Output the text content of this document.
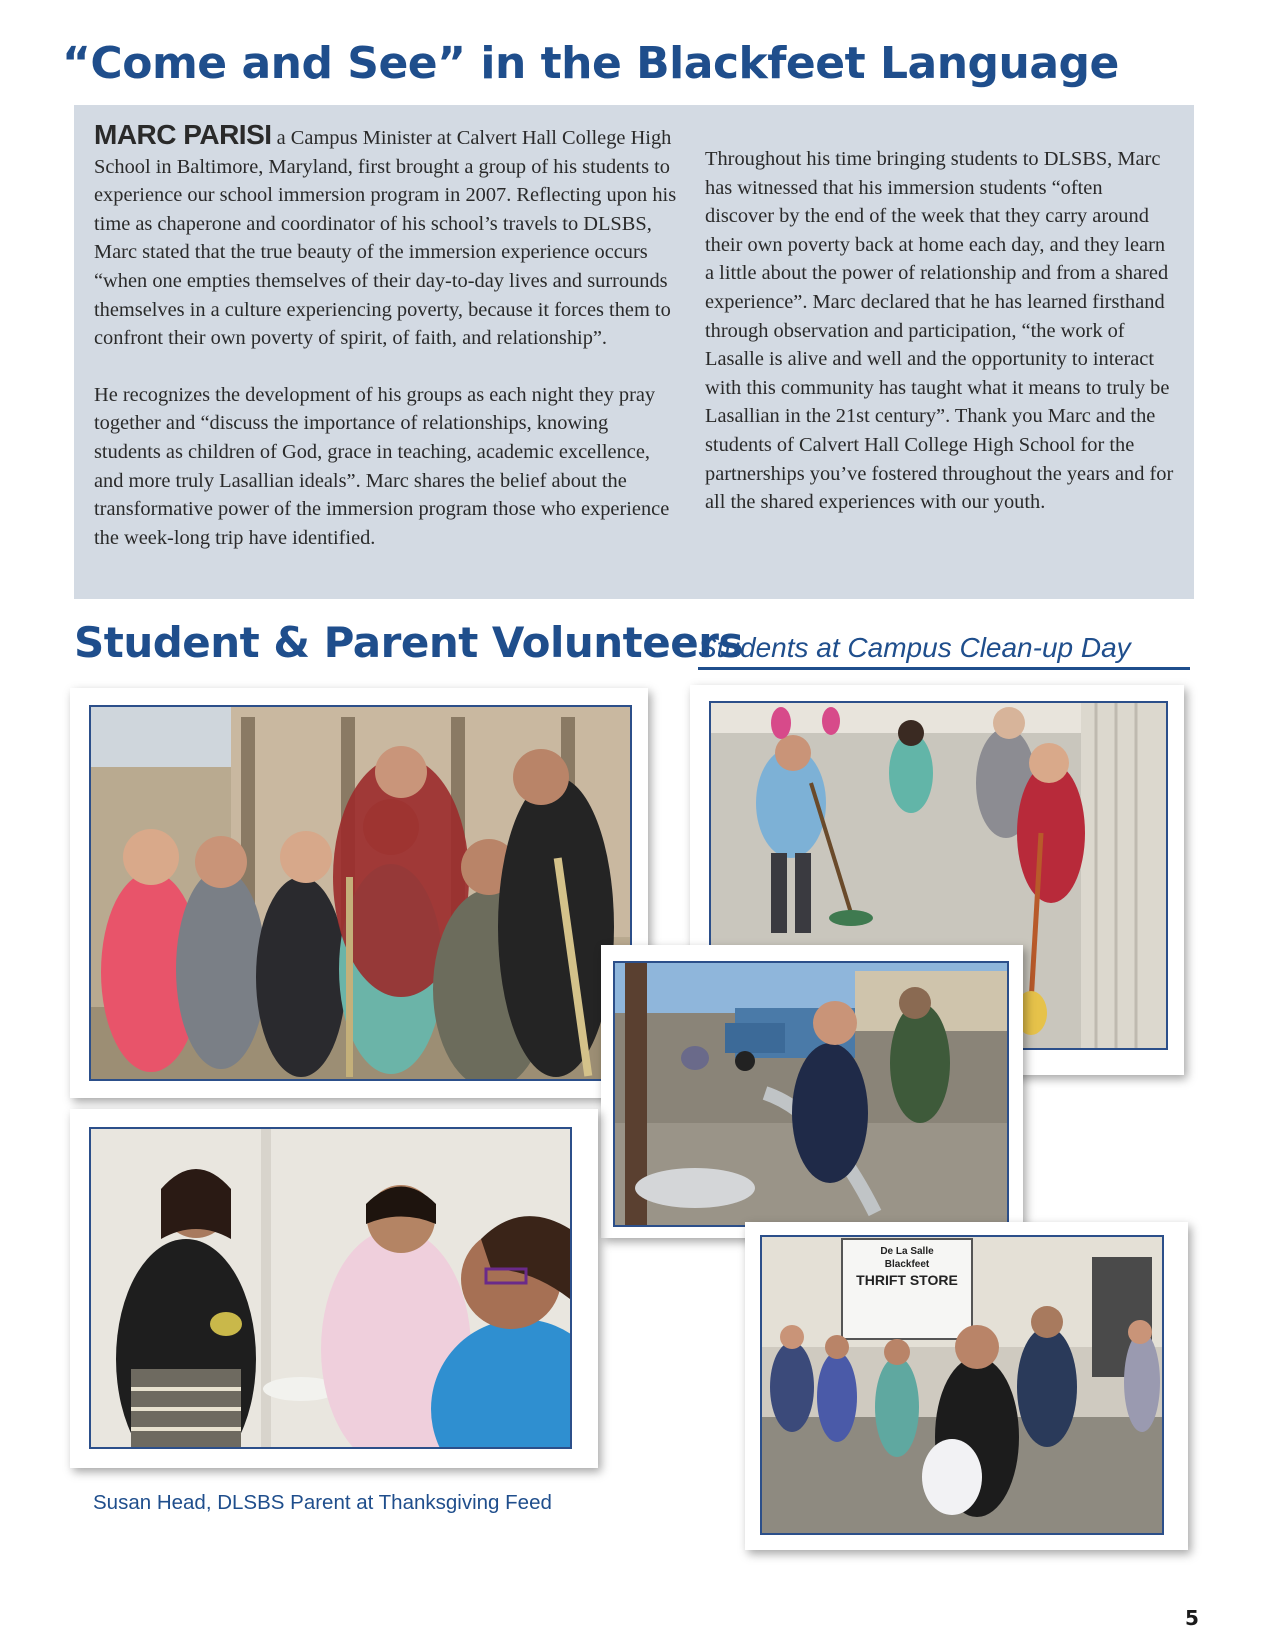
“Come and See” in the Blackfeet Language

MARC PARISI a Campus Minister at Calvert Hall College High School in Baltimore, Maryland, first brought a group of his students to experience our school immersion program in 2007. Reflecting upon his time as chaperone and coordinator of his school’s travels to DLSBS, Marc stated that the true beauty of the immersion experience occurs “when one empties themselves of their day-to-day lives and surrounds themselves in a culture experiencing poverty, because it forces them to confront their own poverty of spirit, of faith, and relationship”.

He recognizes the development of his groups as each night they pray together and “discuss the importance of relationships, knowing students as children of God, grace in teaching, academic excellence, and more truly Lasallian ideals”. Marc shares the belief about the transformative power of the immersion program those who experience the week-long trip have identified.

Throughout his time bringing students to DLSBS, Marc has witnessed that his immersion students “often discover by the end of the week that they carry around their own poverty back at home each day, and they learn a little about the power of relationship and from a shared experience”. Marc declared that he has learned firsthand through observation and participation, “the work of Lasalle is alive and well and the opportunity to interact with this community has taught what it means to truly be Lasallian in the 21st century”. Thank you Marc and the students of Calvert Hall College High School for the partnerships you’ve fostered throughout the years and for all the shared experiences with our youth.

Student & Parent Volunteers
Students at Campus Clean-up Day
Susan Head, DLSBS Parent at Thanksgiving Feed
De La Salle
Blackfeet
THRIFT STORE
5
